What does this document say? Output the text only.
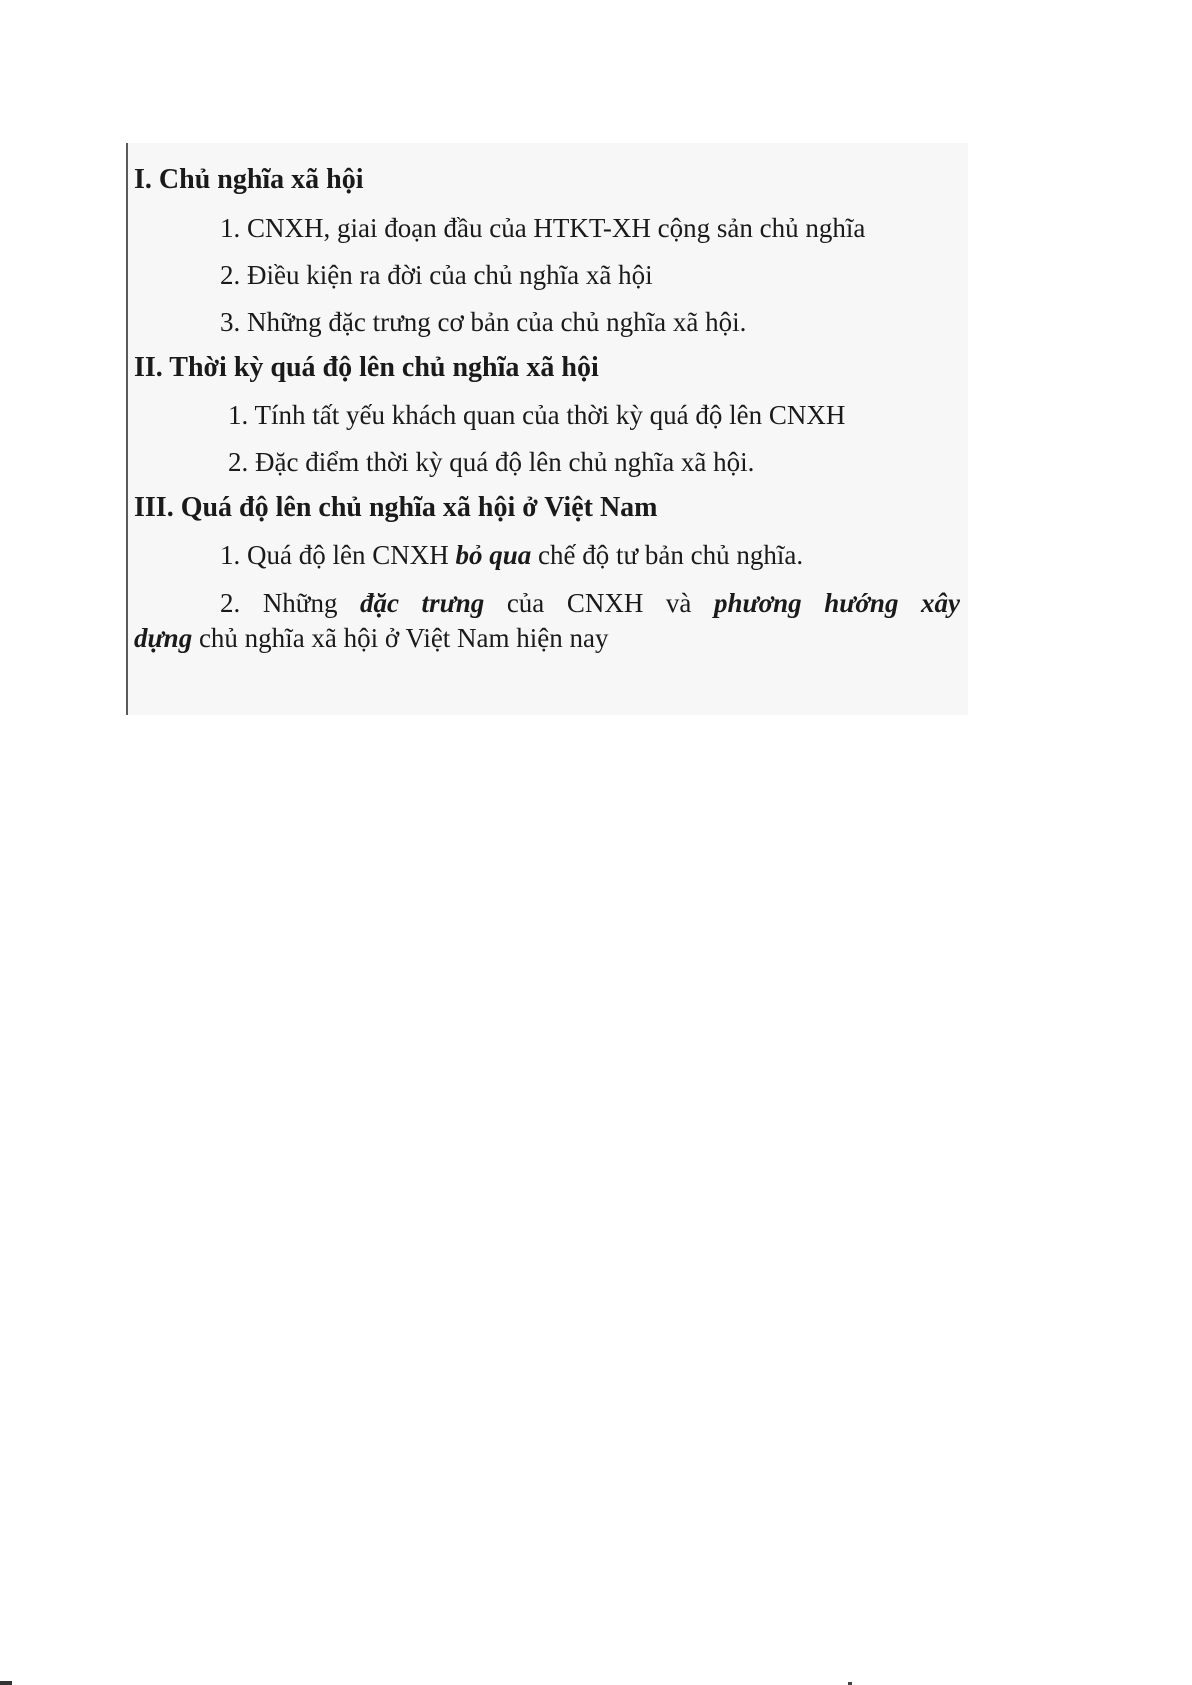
I. Chủ nghĩa xã hội
1. CNXH, giai đoạn đầu của HTKT-XH cộng sản chủ nghĩa
2. Điều kiện ra đời của chủ nghĩa xã hội
3. Những đặc trưng cơ bản của chủ nghĩa xã hội.
II. Thời kỳ quá độ lên chủ nghĩa xã hội
1. Tính tất yếu khách quan của thời kỳ quá độ lên CNXH
2. Đặc điểm thời kỳ quá độ lên chủ nghĩa xã hội.
III. Quá độ lên chủ nghĩa xã hội ở Việt Nam
1. Quá độ lên CNXH bỏ qua chế độ tư bản chủ nghĩa.
2. Những đặc trưng của CNXH và phương hướng xây
dựng chủ nghĩa xã hội ở Việt Nam hiện nay
